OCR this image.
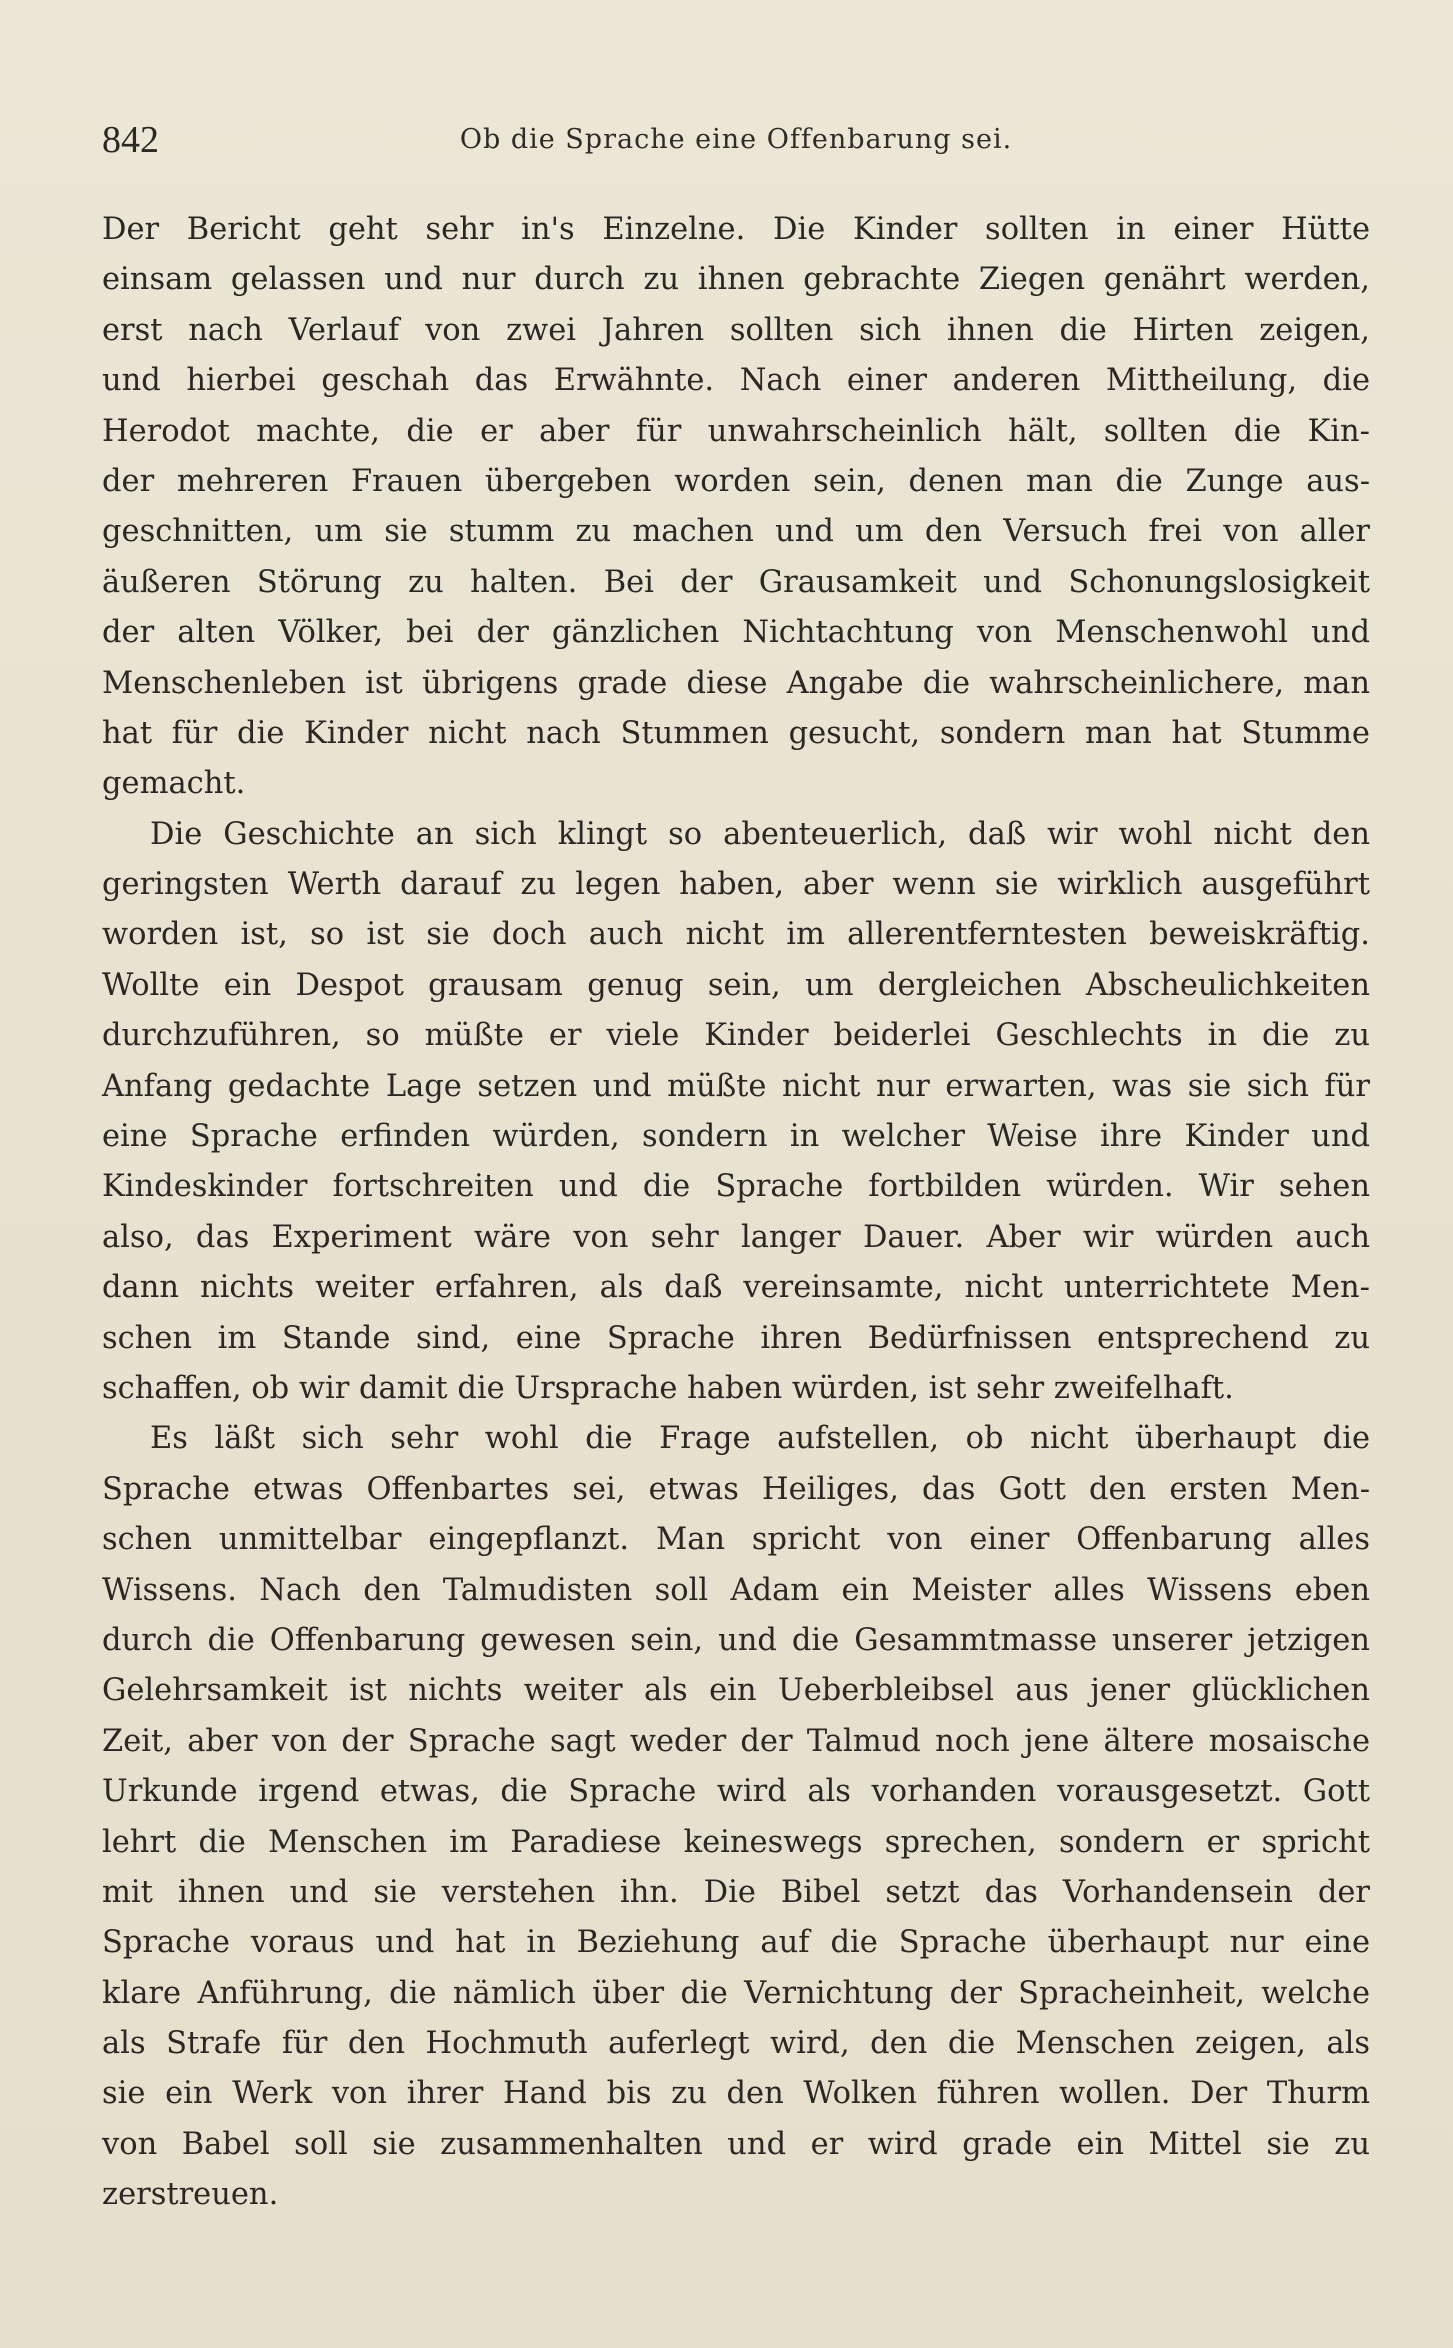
842	Ob die Sprache eine Offenbarung sei.
Der Bericht geht sehr in's Einzelne. Die Kinder sollten in einer Hütte
einsam gelassen und nur durch zu ihnen gebrachte Ziegen genährt werden,
erst nach Verlauf von zwei Jahren sollten sich ihnen die Hirten zeigen,
und hierbei geschah das Erwähnte. Nach einer anderen Mittheilung, die
Herodot machte, die er aber für unwahrscheinlich hält, sollten die Kin-
der mehreren Frauen übergeben worden sein, denen man die Zunge aus-
geschnitten, um sie stumm zu machen und um den Versuch frei von aller
äußeren Störung zu halten. Bei der Grausamkeit und Schonungslosigkeit
der alten Völker, bei der gänzlichen Nichtachtung von Menschenwohl und
Menschenleben ist übrigens grade diese Angabe die wahrscheinlichere, man
hat für die Kinder nicht nach Stummen gesucht, sondern man hat Stumme
gemacht.
Die Geschichte an sich klingt so abenteuerlich, daß wir wohl nicht den
geringsten Werth darauf zu legen haben, aber wenn sie wirklich ausgeführt
worden ist, so ist sie doch auch nicht im allerentferntesten beweiskräftig.
Wollte ein Despot grausam genug sein, um dergleichen Abscheulichkeiten
durchzuführen, so müßte er viele Kinder beiderlei Geschlechts in die zu
Anfang gedachte Lage setzen und müßte nicht nur erwarten, was sie sich für
eine Sprache erfinden würden, sondern in welcher Weise ihre Kinder und
Kindeskinder fortschreiten und die Sprache fortbilden würden. Wir sehen
also, das Experiment wäre von sehr langer Dauer. Aber wir würden auch
dann nichts weiter erfahren, als daß vereinsamte, nicht unterrichtete Men-
schen im Stande sind, eine Sprache ihren Bedürfnissen entsprechend zu
schaffen, ob wir damit die Ursprache haben würden, ist sehr zweifelhaft.
Es läßt sich sehr wohl die Frage aufstellen, ob nicht überhaupt die
Sprache etwas Offenbartes sei, etwas Heiliges, das Gott den ersten Men-
schen unmittelbar eingepflanzt. Man spricht von einer Offenbarung alles
Wissens. Nach den Talmudisten soll Adam ein Meister alles Wissens eben
durch die Offenbarung gewesen sein, und die Gesammtmasse unserer jetzigen
Gelehrsamkeit ist nichts weiter als ein Ueberbleibsel aus jener glücklichen
Zeit, aber von der Sprache sagt weder der Talmud noch jene ältere mosaische
Urkunde irgend etwas, die Sprache wird als vorhanden vorausgesetzt. Gott
lehrt die Menschen im Paradiese keineswegs sprechen, sondern er spricht
mit ihnen und sie verstehen ihn. Die Bibel setzt das Vorhandensein der
Sprache voraus und hat in Beziehung auf die Sprache überhaupt nur eine
klare Anführung, die nämlich über die Vernichtung der Spracheinheit, welche
als Strafe für den Hochmuth auferlegt wird, den die Menschen zeigen, als
sie ein Werk von ihrer Hand bis zu den Wolken führen wollen. Der Thurm
von Babel soll sie zusammenhalten und er wird grade ein Mittel sie zu
zerstreuen.
